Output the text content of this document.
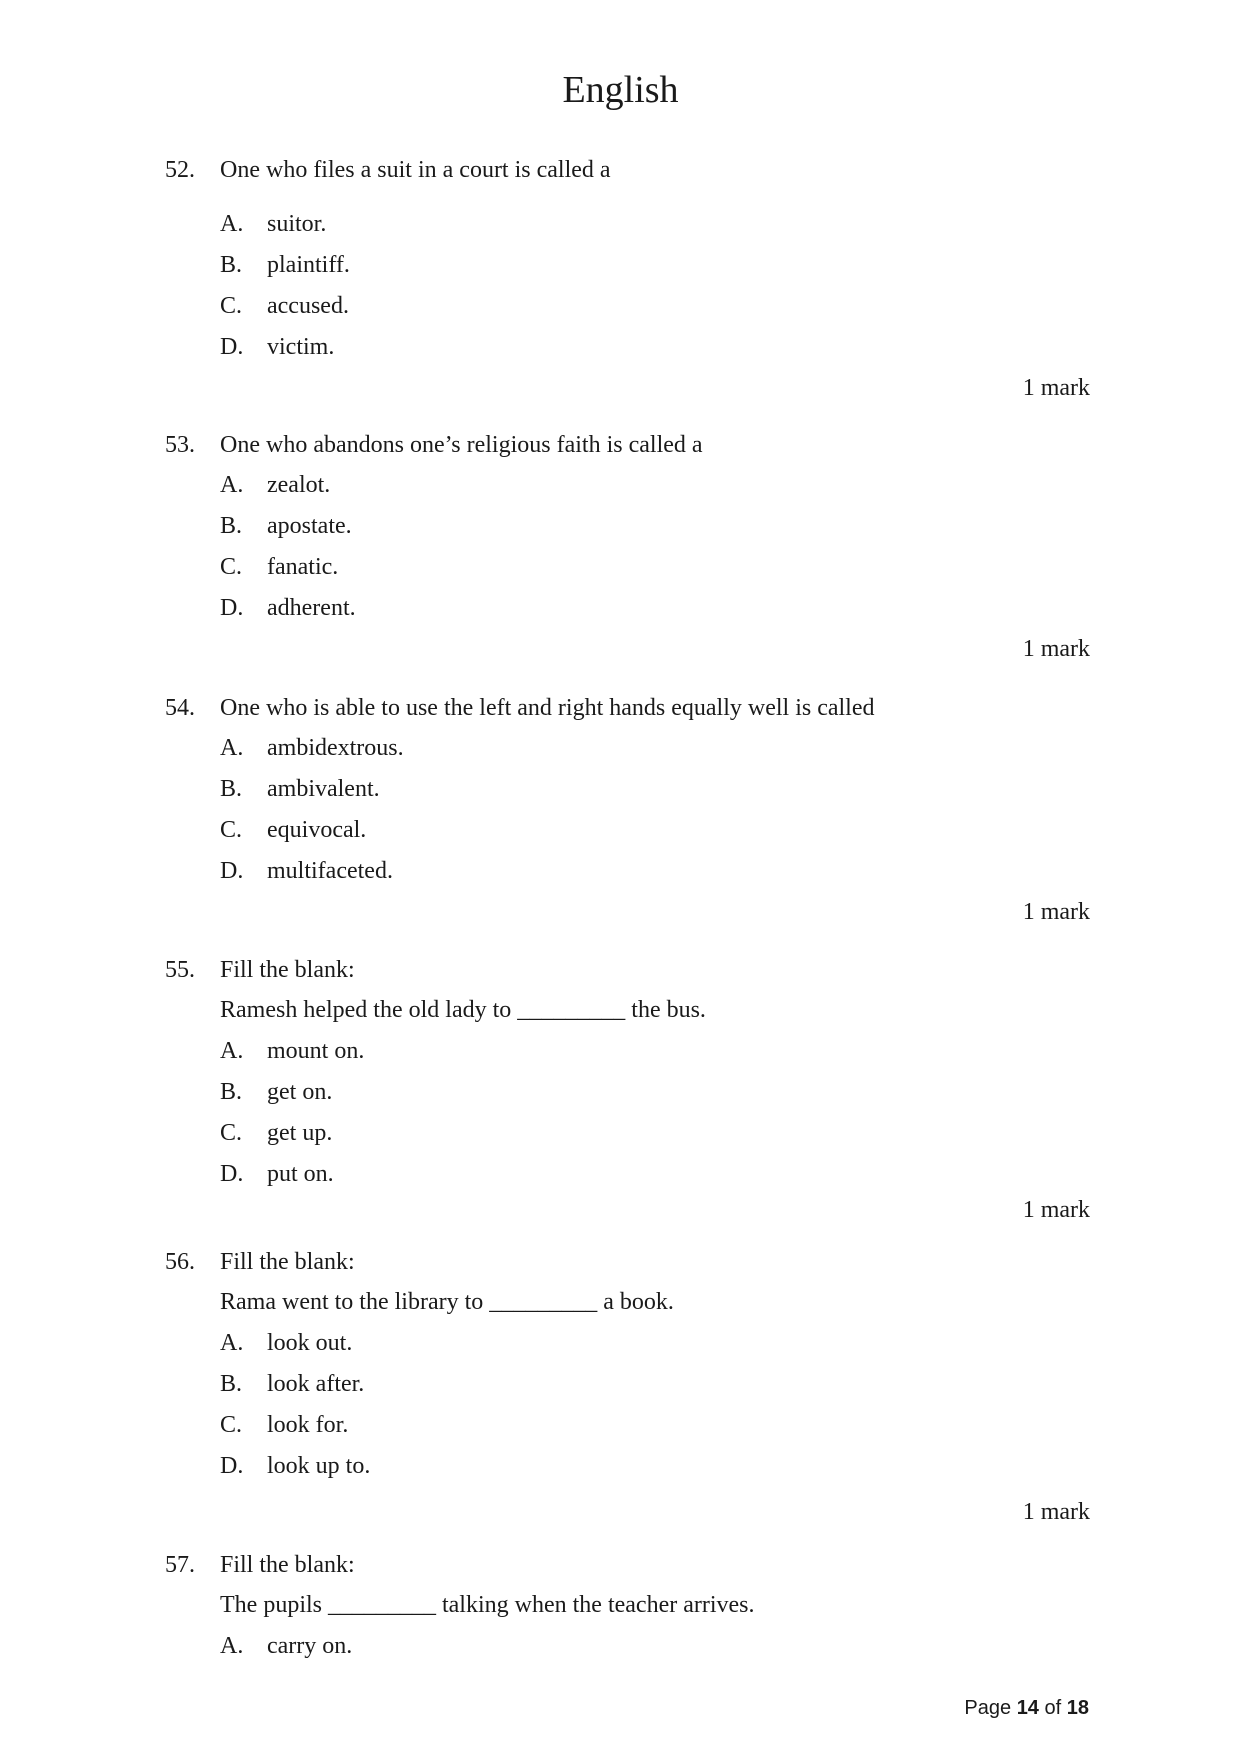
English
52.	One who files a suit in a court is called a
A. suitor.
B.	plaintiff.
C.	accused.
D. victim.
1 mark
53.	One who abandons one’s religious faith is called a
A. zealot.
B.	apostate.
C.	fanatic.
D. adherent.
1 mark
54.	One who is able to use the left and right hands equally well is called
A. ambidextrous.
B.	ambivalent.
C.	equivocal.
D. multifaceted.
1 mark
55.	Fill the blank:
Ramesh helped the old lady to _________ the bus.
A. mount on.
B.	get on.
C.	get up.
D. put on.
1 mark
56.	Fill the blank:
Rama went to the library to _________ a book.
A. look out.
B.	look after.
C.	look for.
D. look up to.
1 mark
57.	Fill the blank:
The pupils _________ talking when the teacher arrives.
A. carry on.
Page 14 of 18
